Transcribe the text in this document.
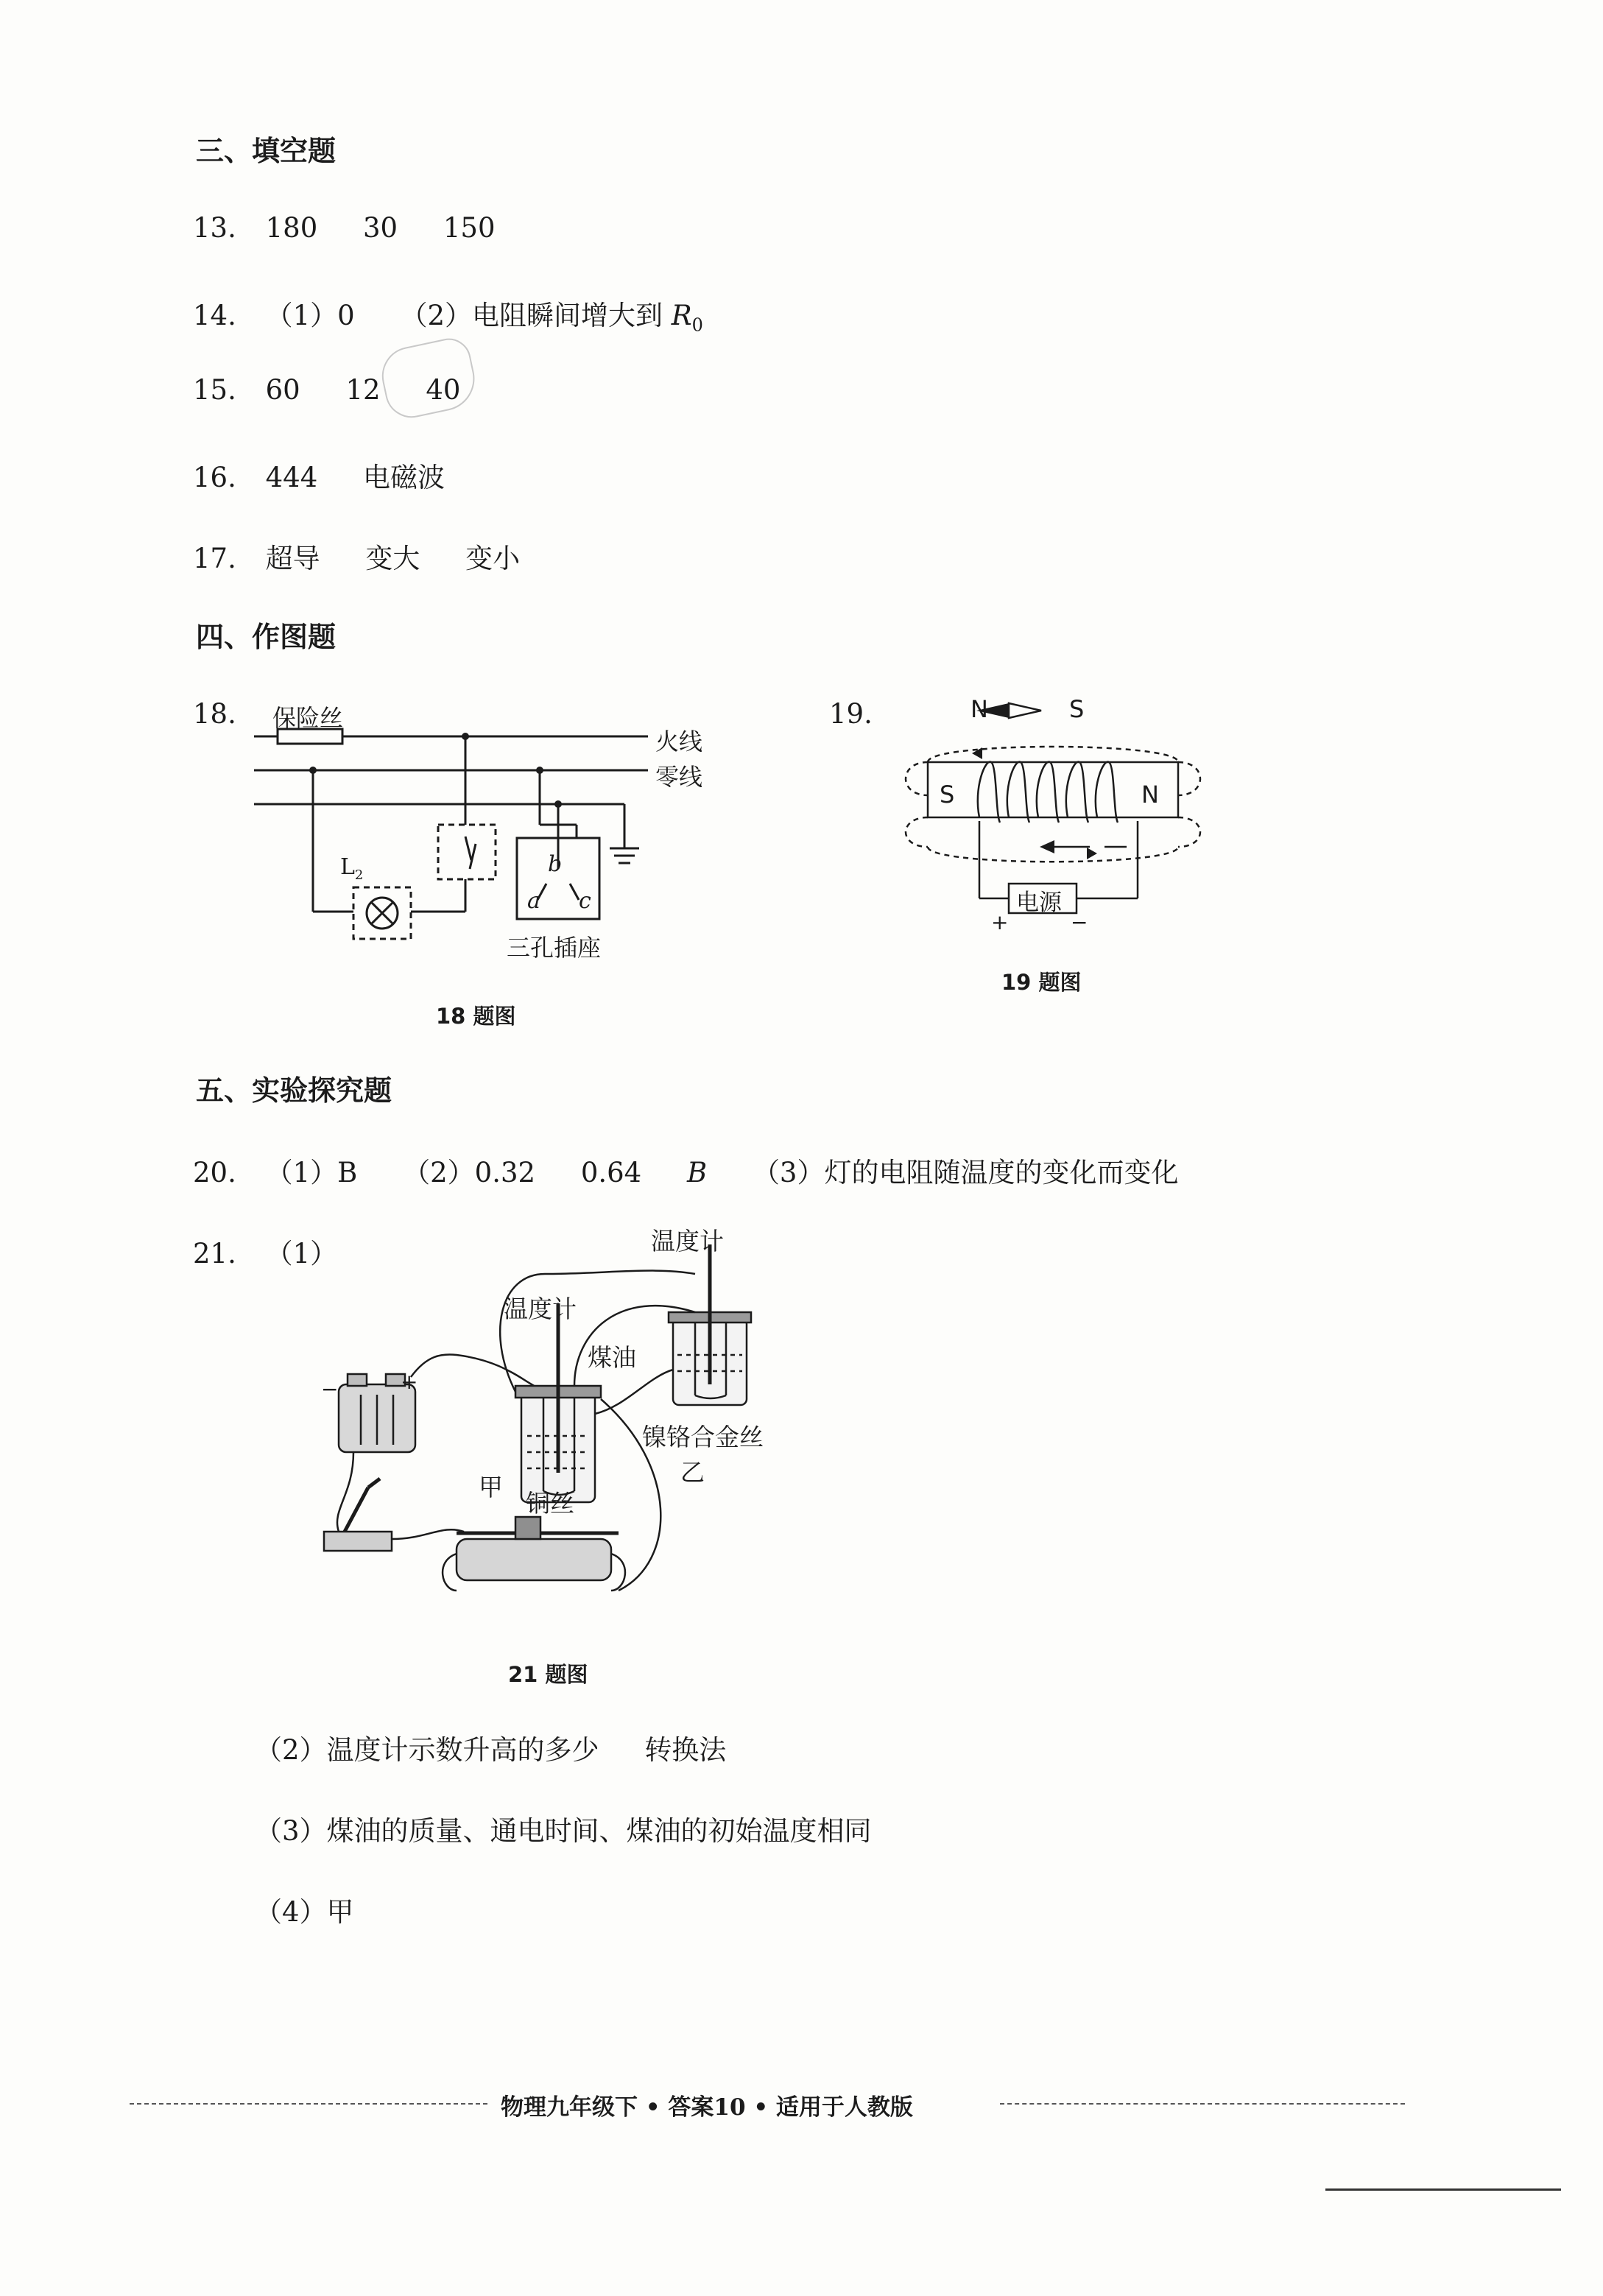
三、填空题
13. 180 30 150
14. （1）0 （2）电阻瞬间增大到 $R_0$
15. 60 12 40
16. 444 电磁波
17. 超导 变大 变小
四、作图题
18. 保险丝
火线
零线
$L_2$	b
a c
三孔插座
18 题图
19.	N	S
S	N
电源
+	−
19 题图
五、实验探究题
20. （1）B （2）0.32 0.64 B （3）灯的电阻随温度的变化而变化
21. （1）	温度计
温度计
煤油
镍铬合金丝
乙
甲
铜丝
−	+
21 题图
（2）温度计示数升高的多少 转换法
（3）煤油的质量、通电时间、煤油的初始温度相同
（4）甲
物理九年级下 • 答案10 • 适用于人教版
